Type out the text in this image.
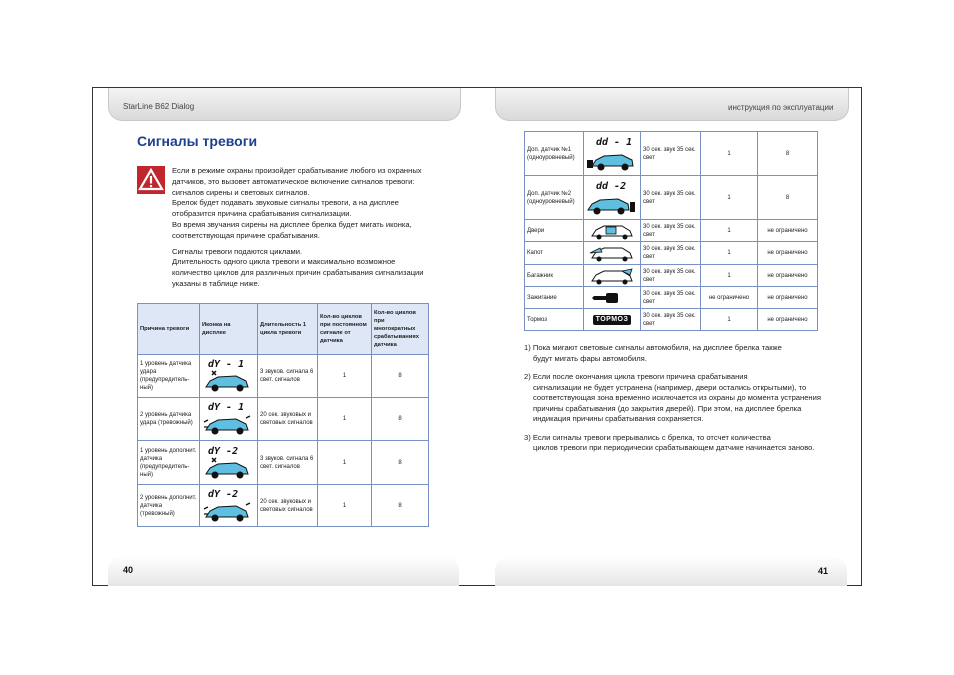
StarLine B62 Dialog	инструкция по эксплуатации
Сигналы тревоги

Если в режиме охраны произойдет срабатывание любого из охранных датчиков, это вызовет автоматическое включение сигналов тревоги: сигналов сирены и световых сигналов.

Брелок будет подавать звуковые сигналы тревоги, а на дисплее отобразится причина срабатывания сигнализации.

Во время звучания сирены на дисплее брелка будет мигать иконка, соответствующая причине срабатывания.

Сигналы тревоги подаются циклами.

Длительность одного цикла тревоги и максимально возможное количество циклов для различных причин срабатывания сигнализации указаны в таблице ниже.

Причина тревоги	Иконка на дисплее	Длительность 1 цикла тревоги	Кол-во циклов при постоянном сигнале от датчика	Кол-во циклов при многократных срабатываниях датчика
1 уровень датчика удара (предупредитель-ный)	dY - 1	3 звуков. сигнала 6 свет. сигналов	1	8
2 уровень датчика удара (тревожный)	dY - 1	20 сек. звуковых и световых сигналов	1	8
1 уровень дополнит. датчика (предупредитель-ный)	dY -2	3 звуков. сигнала 6 свет. сигналов	1	8
2 уровень дополнит. датчика (тревожный)	dY -2	20 сек. звуковых и световых сигналов	1	8
Доп. датчик №1 (одноуровневый)	dd - 1	30 сек. звук 35 сек. свет	1	8
Доп. датчик №2 (одноуровневый)	dd -2	30 сек. звук 35 сек. свет	1	8
Двери		30 сек. звук 35 сек. свет	1	не ограничено
Капот		30 сек. звук 35 сек. свет	1	не ограничено
Багажник		30 сек. звук 35 сек. свет	1	не ограничено
Зажигание		30 сек. звук 35 сек. свет	не ограничено	не ограничено
Тормоз	ТОРМОЗ	30 сек. звук 35 сек. свет	1	не ограничено

1) Пока мигают световые сигналы автомобиля, на дисплее брелка также
будут мигать фары автомобиля.

2) Если после окончания цикла тревоги причина срабатывания
сигнализации не будет устранена (например, двери остались открытыми), то соответствующая зона временно исключается из охраны до момента устранения причины срабатывания (до закрытия дверей). При этом, на дисплее брелка индикация причины срабатывания сохраняется.

3) Если сигналы тревоги прерывались с брелка, то отсчет количества
циклов тревоги при периодически срабатывающем датчике начинается заново.

40	41
